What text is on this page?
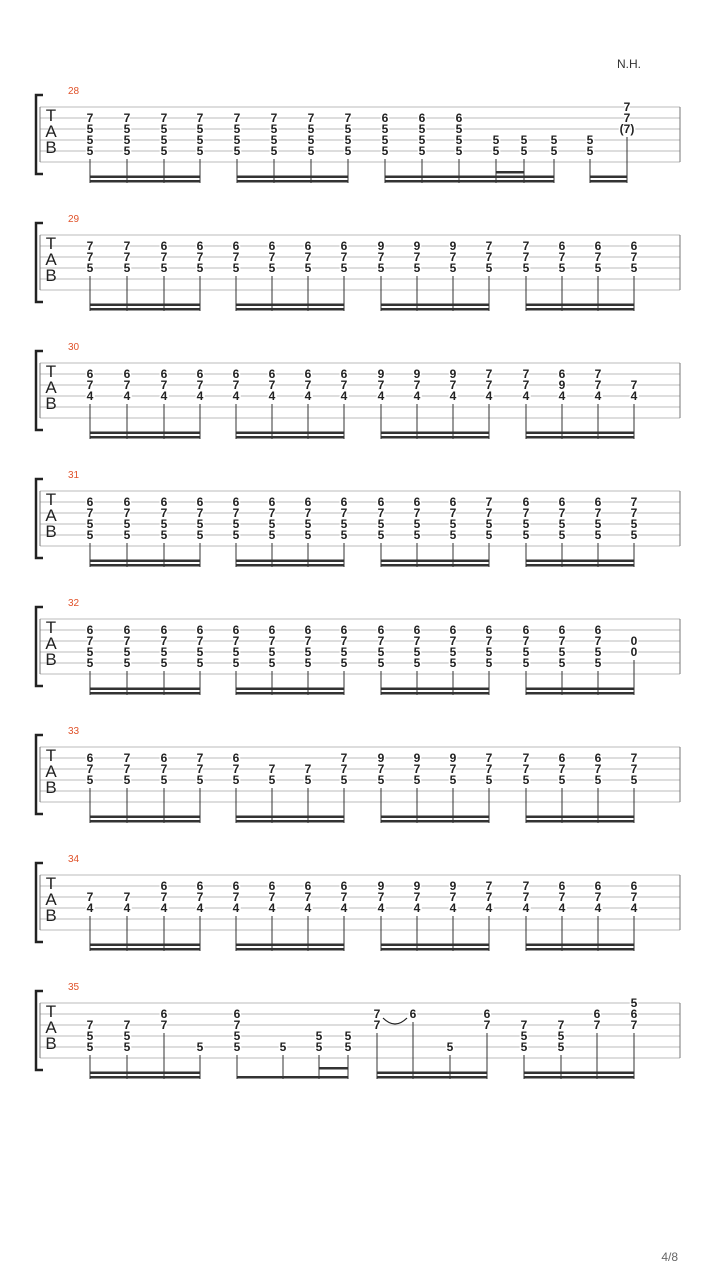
N.H.
T
A
B
28
7
5
5
5
7
5
5
5
7
5
5
5
7
5
5
5
7
5
5
5
7
5
5
5
7
5
5
5
7
5
5
5
6
5
5
5
6
5
5
5
6
5
5
5
5
5
5
5
5
5
5
5
7
7
(7)
T
A
B
29
7
7
5
7
7
5
6
7
5
6
7
5
6
7
5
6
7
5
6
7
5
6
7
5
9
7
5
9
7
5
9
7
5
7
7
5
7
7
5
6
7
5
6
7
5
6
7
5
T
A
B
30
6
7
4
6
7
4
6
7
4
6
7
4
6
7
4
6
7
4
6
7
4
6
7
4
9
7
4
9
7
4
9
7
4
7
7
4
7
7
4
6
9
4
7
7
4
7
4
T
A
B
31
6
7
5
5
6
7
5
5
6
7
5
5
6
7
5
5
6
7
5
5
6
7
5
5
6
7
5
5
6
7
5
5
6
7
5
5
6
7
5
5
6
7
5
5
7
7
5
5
6
7
5
5
6
7
5
5
6
7
5
5
7
7
5
5
T
A
B
32
6
7
5
5
6
7
5
5
6
7
5
5
6
7
5
5
6
7
5
5
6
7
5
5
6
7
5
5
6
7
5
5
6
7
5
5
6
7
5
5
6
7
5
5
6
7
5
5
6
7
5
5
6
7
5
5
6
7
5
5
0
0
T
A
B
33
6
7
5
7
7
5
6
7
5
7
7
5
6
7
5
7
5
7
5
7
7
5
9
7
5
9
7
5
9
7
5
7
7
5
7
7
5
6
7
5
6
7
5
7
7
5
T
A
B
34
7
4
7
4
6
7
4
6
7
4
6
7
4
6
7
4
6
7
4
6
7
4
9
7
4
9
7
4
9
7
4
7
7
4
7
7
4
6
7
4
6
7
4
6
7
4
T
A
B
35
7
5
5
7
5
5
6
7
5
6
7
5
5	5
5
5
5
5
7
7
6
5
6
7	7
5
5
7
5
5
6
7
5
6
7
4/8
